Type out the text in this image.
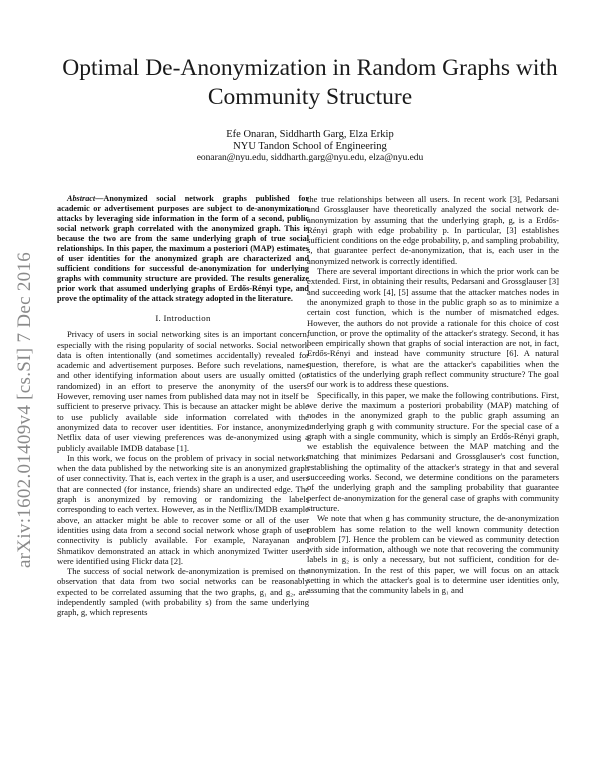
arXiv:1602.01409v4 [cs.SI] 7 Dec 2016
Optimal De-Anonymization in Random Graphs with Community Structure
Efe Onaran, Siddharth Garg, Elza Erkip
NYU Tandon School of Engineering
eonaran@nyu.edu, siddharth.garg@nyu.edu, elza@nyu.edu

Abstract—Anonymized social network graphs published for academic or advertisement purposes are subject to de-anonymization attacks by leveraging side information in the form of a second, public social network graph correlated with the anonymized graph. This is because the two are from the same underlying graph of true social relationships. In this paper, the maximum a posteriori (MAP) estimates of user identities for the anonymized graph are characterized and sufficient conditions for successful de-anonymization for underlying graphs with community structure are provided. The results generalize prior work that assumed underlying graphs of Erdős-Rényi type, and prove the optimality of the attack strategy adopted in the literature.

I. Introduction

Privacy of users in social networking sites is an important concern, especially with the rising popularity of social networks. Social network data is often intentionally (and sometimes accidentally) revealed for academic and advertisement purposes. Before such revelations, names and other identifying information about users are usually omitted (or randomized) in an effort to preserve the anonymity of the users. However, removing user names from published data may not in itself be sufficient to preserve privacy. This is because an attacker might be able to use publicly available side information correlated with the anonymized data to recover user identities. For instance, anonymized Netflix data of user viewing preferences was de-anonymized using a publicly available IMDB database [1].

In this work, we focus on the problem of privacy in social networks when the data published by the networking site is an anonymized graph of user connectivity. That is, each vertex in the graph is a user, and users that are connected (for instance, friends) share an undirected edge. The graph is anonymized by removing or randomizing the labels corresponding to each vertex. However, as in the Netflix/IMDB example above, an attacker might be able to recover some or all of the user identities using data from a second social network whose graph of user connectivity is publicly available. For example, Narayanan and Shmatikov demonstrated an attack in which anonymized Twitter users were identified using Flickr data [2].

The success of social network de-anonymization is premised on the observation that data from two social networks can be reasonably expected to be correlated assuming that the two graphs, g₁ and g₂, are independently sampled (with probability s) from the same underlying graph, g, which represents

the true relationships between all users. In recent work [3], Pedarsani and Grossglauser have theoretically analyzed the social network de-anonymization by assuming that the underlying graph, g, is a Erdős-Rényi graph with edge probability p. In particular, [3] establishes sufficient conditions on the edge probability, p, and sampling probability, s, that guarantee perfect de-anonymization, that is, each user in the anonymized network is correctly identified.

There are several important directions in which the prior work can be extended. First, in obtaining their results, Pedarsani and Grossglauser [3] and succeeding work [4], [5] assume that the attacker matches nodes in the anonymized graph to those in the public graph so as to minimize a certain cost function, which is the number of mismatched edges. However, the authors do not provide a rationale for this choice of cost function, or prove the optimality of the attacker's strategy. Second, it has been empirically shown that graphs of social interaction are not, in fact, Erdős-Rényi and instead have community structure [6]. A natural question, therefore, is what are the attacker's capabilities when the statistics of the underlying graph reflect community structure? The goal of our work is to address these questions.

Specifically, in this paper, we make the following contributions. First, we derive the maximum a posteriori probability (MAP) matching of nodes in the anonymized graph to the public graph assuming an underlying graph g with community structure. For the special case of a graph with a single community, which is simply an Erdős-Rényi graph, we establish the equivalence between the MAP matching and the matching that minimizes Pedarsani and Grossglauser's cost function, establishing the optimality of the attacker's strategy in that and several succeeding works. Second, we determine conditions on the parameters of the underlying graph and the sampling probability that guarantee perfect de-anonymization for the general case of graphs with community structure.

We note that when g has community structure, the de-anonymization problem has some relation to the well known community detection problem [7]. Hence the problem can be viewed as community detection with side information, although we note that recovering the community labels in g₂ is only a necessary, but not sufficient, condition for de-anonymization. In the rest of this paper, we will focus on an attack setting in which the attacker's goal is to determine user identities only, assuming that the community labels in g₁ and
